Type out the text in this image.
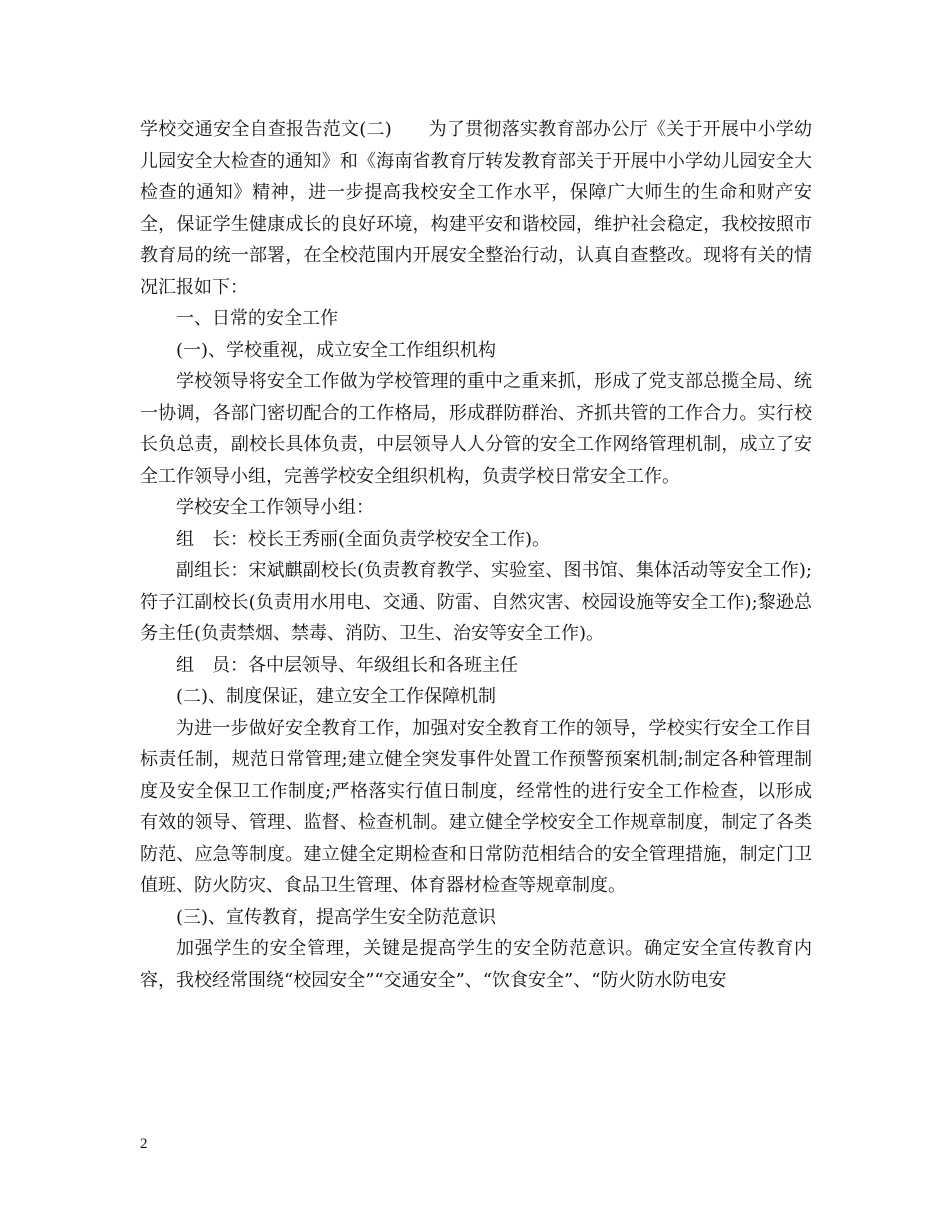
学校交通安全自查报告范文(二)　　为了贯彻落实教育部办公厅《关于开展中小学幼儿园安全大检查的通知》和《海南省教育厅转发教育部关于开展中小学幼儿园安全大检查的通知》精神，进一步提高我校安全工作水平，保障广大师生的生命和财产安全，保证学生健康成长的良好环境，构建平安和谐校园，维护社会稳定，我校按照市教育局的统一部署，在全校范围内开展安全整治行动，认真自查整改。现将有关的情况汇报如下：

一、日常的安全工作

(一)、学校重视，成立安全工作组织机构

学校领导将安全工作做为学校管理的重中之重来抓，形成了党支部总揽全局、统一协调，各部门密切配合的工作格局，形成群防群治、齐抓共管的工作合力。实行校长负总责，副校长具体负责，中层领导人人分管的安全工作网络管理机制，成立了安全工作领导小组，完善学校安全组织机构，负责学校日常安全工作。

学校安全工作领导小组：

组　长：校长王秀丽(全面负责学校安全工作)。

副组长：宋斌麒副校长(负责教育教学、实验室、图书馆、集体活动等安全工作);符子江副校长(负责用水用电、交通、防雷、自然灾害、校园设施等安全工作);黎逊总务主任(负责禁烟、禁毒、消防、卫生、治安等安全工作)。

组　员：各中层领导、年级组长和各班主任

(二)、制度保证，建立安全工作保障机制

为进一步做好安全教育工作，加强对安全教育工作的领导，学校实行安全工作目标责任制，规范日常管理;建立健全突发事件处置工作预警预案机制;制定各种管理制度及安全保卫工作制度;严格落实行值日制度，经常性的进行安全工作检查，以形成有效的领导、管理、监督、检查机制。建立健全学校安全工作规章制度，制定了各类防范、应急等制度。建立健全定期检查和日常防范相结合的安全管理措施，制定门卫值班、防火防灾、食品卫生管理、体育器材检查等规章制度。

(三)、宣传教育，提高学生安全防范意识

加强学生的安全管理，关键是提高学生的安全防范意识。确定安全宣传教育内容，我校经常围绕“校园安全”“交通安全”、“饮食安全”、“防火防水防电安

2
